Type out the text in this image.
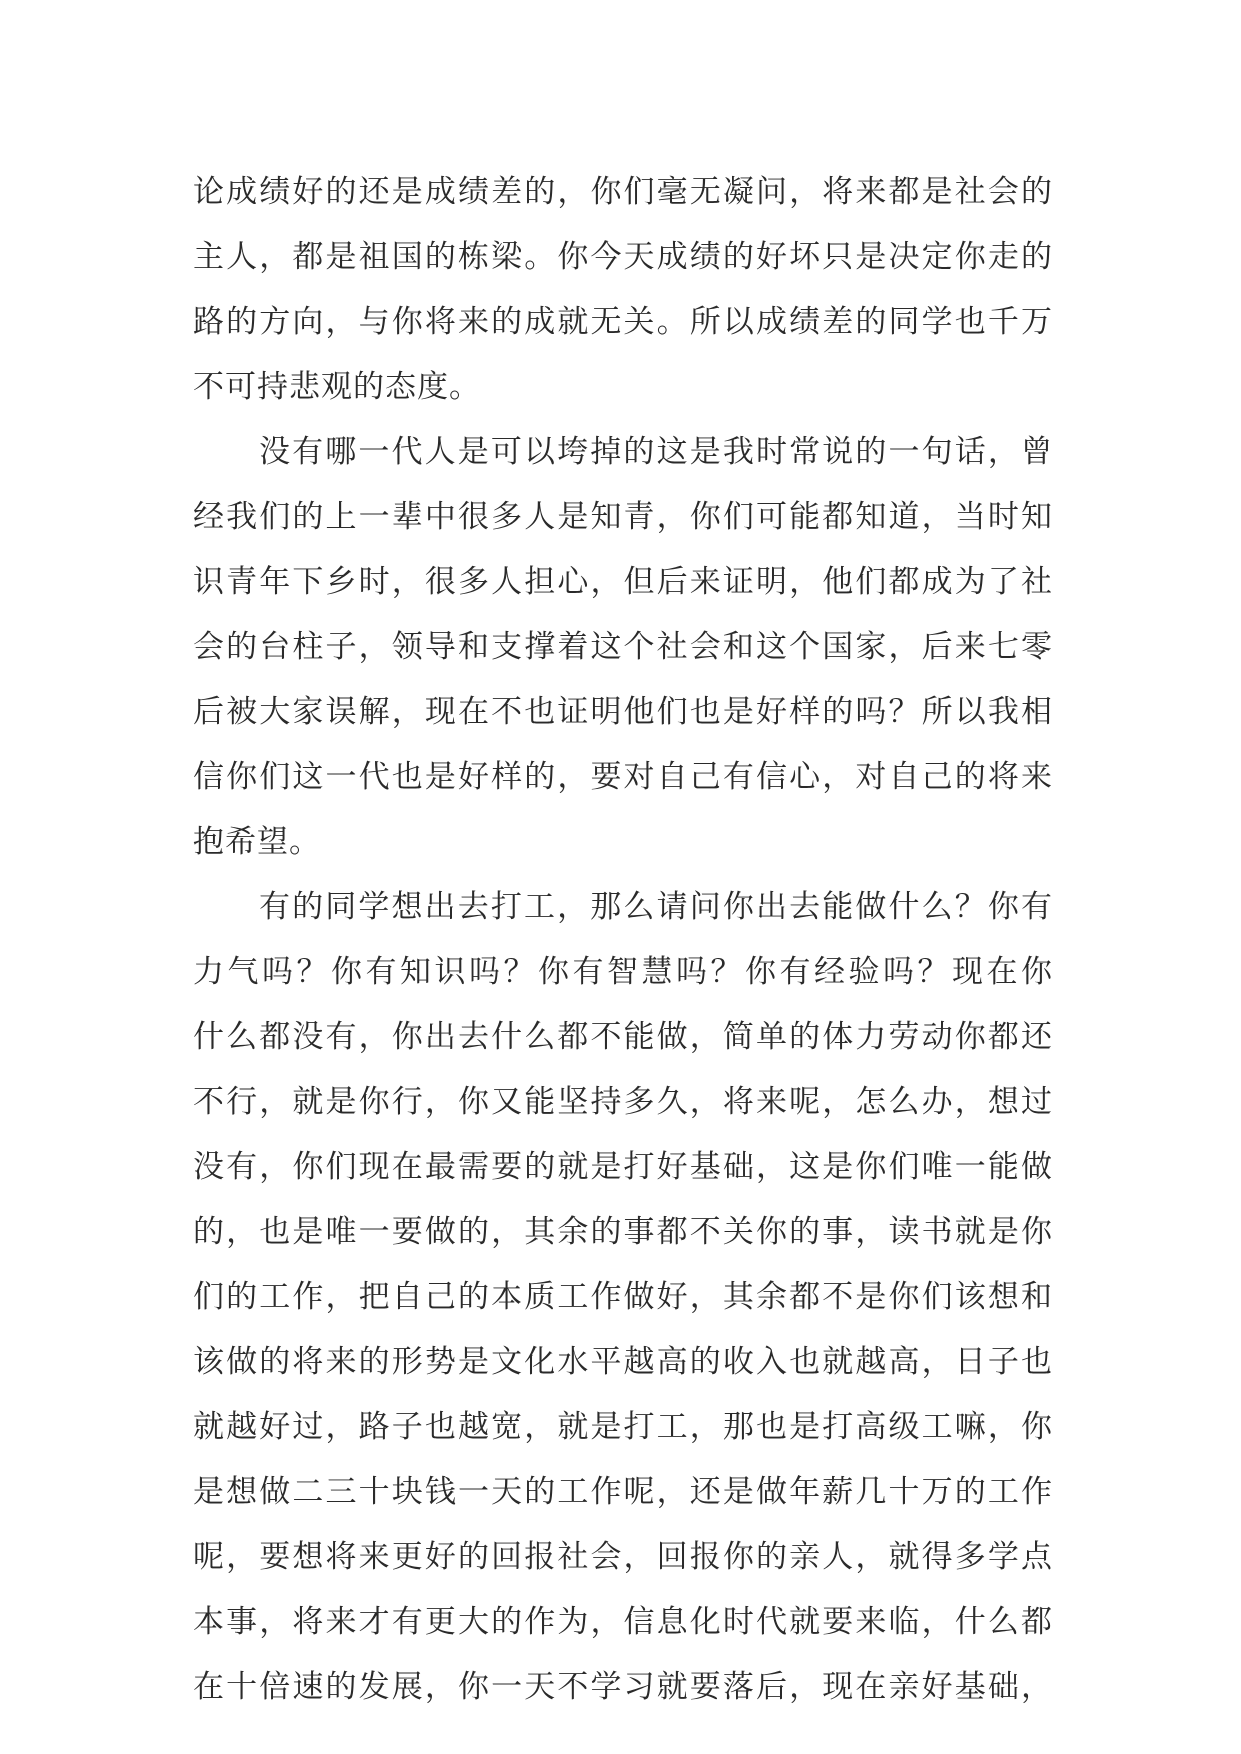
论成绩好的还是成绩差的，你们毫无凝问，将来都是社会的
主人，都是祖国的栋梁。你今天成绩的好坏只是决定你走的
路的方向，与你将来的成就无关。所以成绩差的同学也千万
不可持悲观的态度。
没有哪一代人是可以垮掉的这是我时常说的一句话，曾
经我们的上一辈中很多人是知青，你们可能都知道，当时知
识青年下乡时，很多人担心，但后来证明，他们都成为了社
会的台柱子，领导和支撑着这个社会和这个国家，后来七零
后被大家误解，现在不也证明他们也是好样的吗？所以我相
信你们这一代也是好样的，要对自己有信心，对自己的将来
抱希望。
有的同学想出去打工，那么请问你出去能做什么？你有
力气吗？你有知识吗？你有智慧吗？你有经验吗？现在你
什么都没有，你出去什么都不能做，简单的体力劳动你都还
不行，就是你行，你又能坚持多久，将来呢，怎么办，想过
没有，你们现在最需要的就是打好基础，这是你们唯一能做
的，也是唯一要做的，其余的事都不关你的事，读书就是你
们的工作，把自己的本质工作做好，其余都不是你们该想和
该做的将来的形势是文化水平越高的收入也就越高，日子也
就越好过，路子也越宽，就是打工，那也是打高级工嘛，你
是想做二三十块钱一天的工作呢，还是做年薪几十万的工作
呢，要想将来更好的回报社会，回报你的亲人，就得多学点
本事，将来才有更大的作为，信息化时代就要来临，什么都
在十倍速的发展，你一天不学习就要落后，现在亲好基础，
